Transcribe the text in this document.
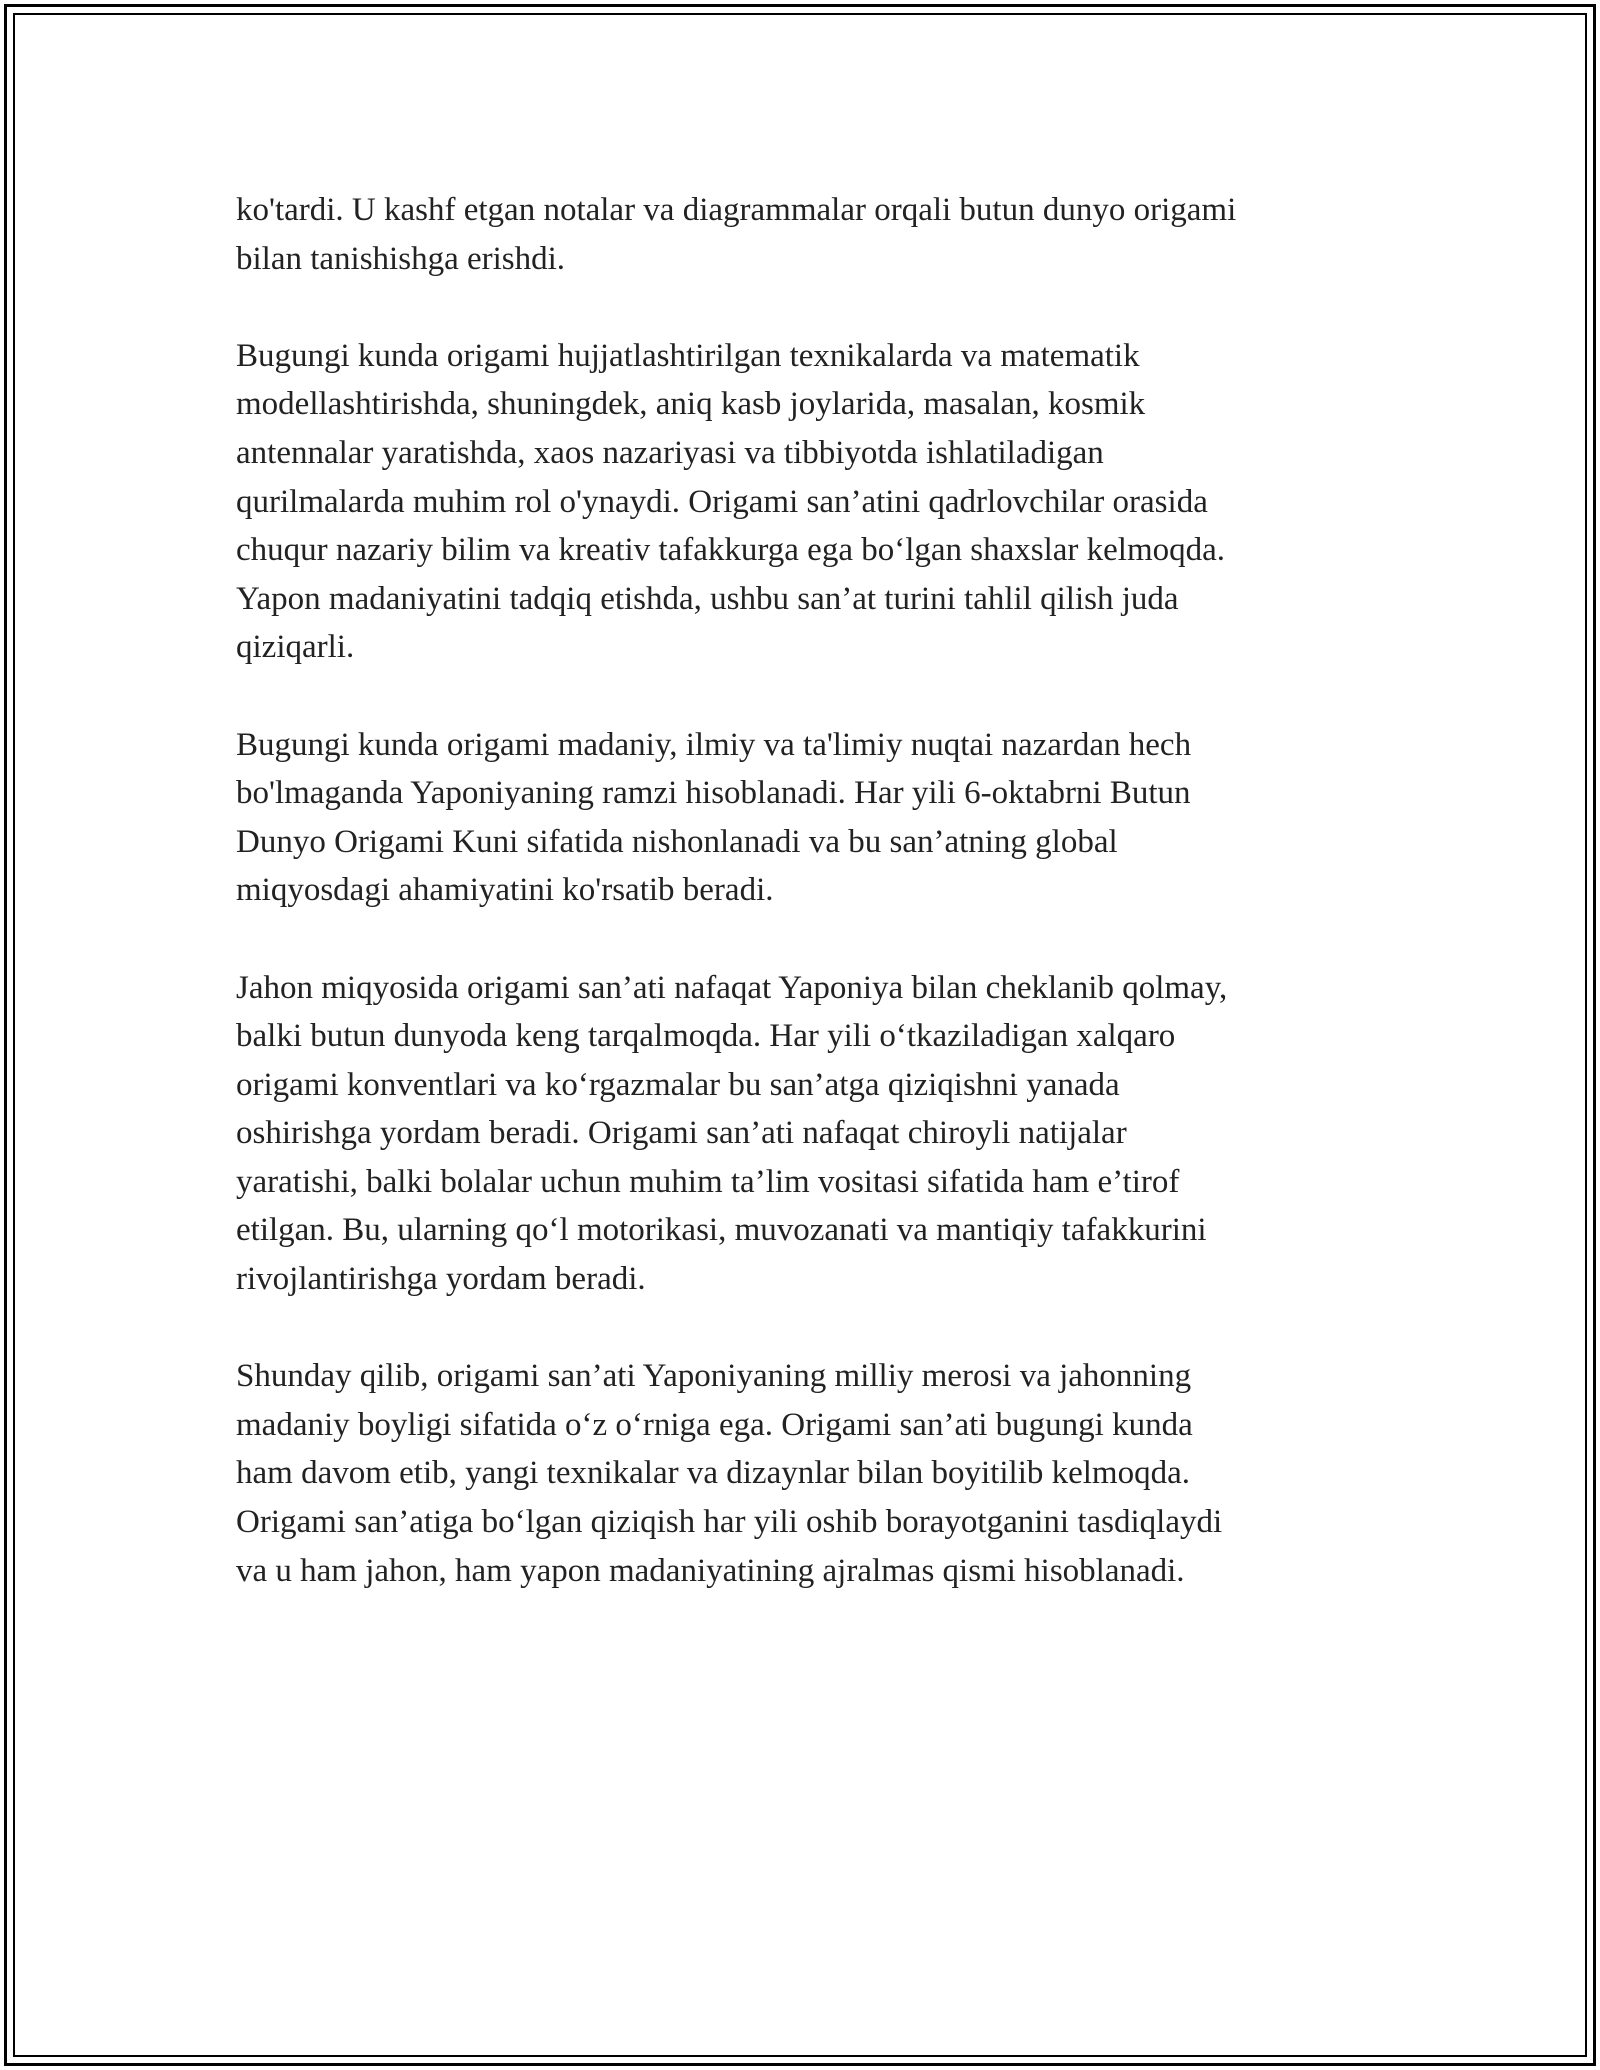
ko'tardi. U kashf etgan notalar va diagrammalar orqali butun dunyo origami
bilan tanishishga erishdi.

Bugungi kunda origami hujjatlashtirilgan texnikalarda va matematik
modellashtirishda, shuningdek, aniq kasb joylarida, masalan, kosmik
antennalar yaratishda, xaos nazariyasi va tibbiyotda ishlatiladigan
qurilmalarda muhim rol o'ynaydi. Origami san’atini qadrlovchilar orasida
chuqur nazariy bilim va kreativ tafakkurga ega bo‘lgan shaxslar kelmoqda.
Yapon madaniyatini tadqiq etishda, ushbu san’at turini tahlil qilish juda
qiziqarli.

Bugungi kunda origami madaniy, ilmiy va ta'limiy nuqtai nazardan hech
bo'lmaganda Yaponiyaning ramzi hisoblanadi. Har yili 6-oktabrni Butun
Dunyo Origami Kuni sifatida nishonlanadi va bu san’atning global
miqyosdagi ahamiyatini ko'rsatib beradi.

Jahon miqyosida origami san’ati nafaqat Yaponiya bilan cheklanib qolmay,
balki butun dunyoda keng tarqalmoqda. Har yili o‘tkaziladigan xalqaro
origami konventlari va ko‘rgazmalar bu san’atga qiziqishni yanada
oshirishga yordam beradi. Origami san’ati nafaqat chiroyli natijalar
yaratishi, balki bolalar uchun muhim ta’lim vositasi sifatida ham e’tirof
etilgan. Bu, ularning qo‘l motorikasi, muvozanati va mantiqiy tafakkurini
rivojlantirishga yordam beradi.

Shunday qilib, origami san’ati Yaponiyaning milliy merosi va jahonning
madaniy boyligi sifatida o‘z o‘rniga ega. Origami san’ati bugungi kunda
ham davom etib, yangi texnikalar va dizaynlar bilan boyitilib kelmoqda.
Origami san’atiga bo‘lgan qiziqish har yili oshib borayotganini tasdiqlaydi
va u ham jahon, ham yapon madaniyatining ajralmas qismi hisoblanadi.
